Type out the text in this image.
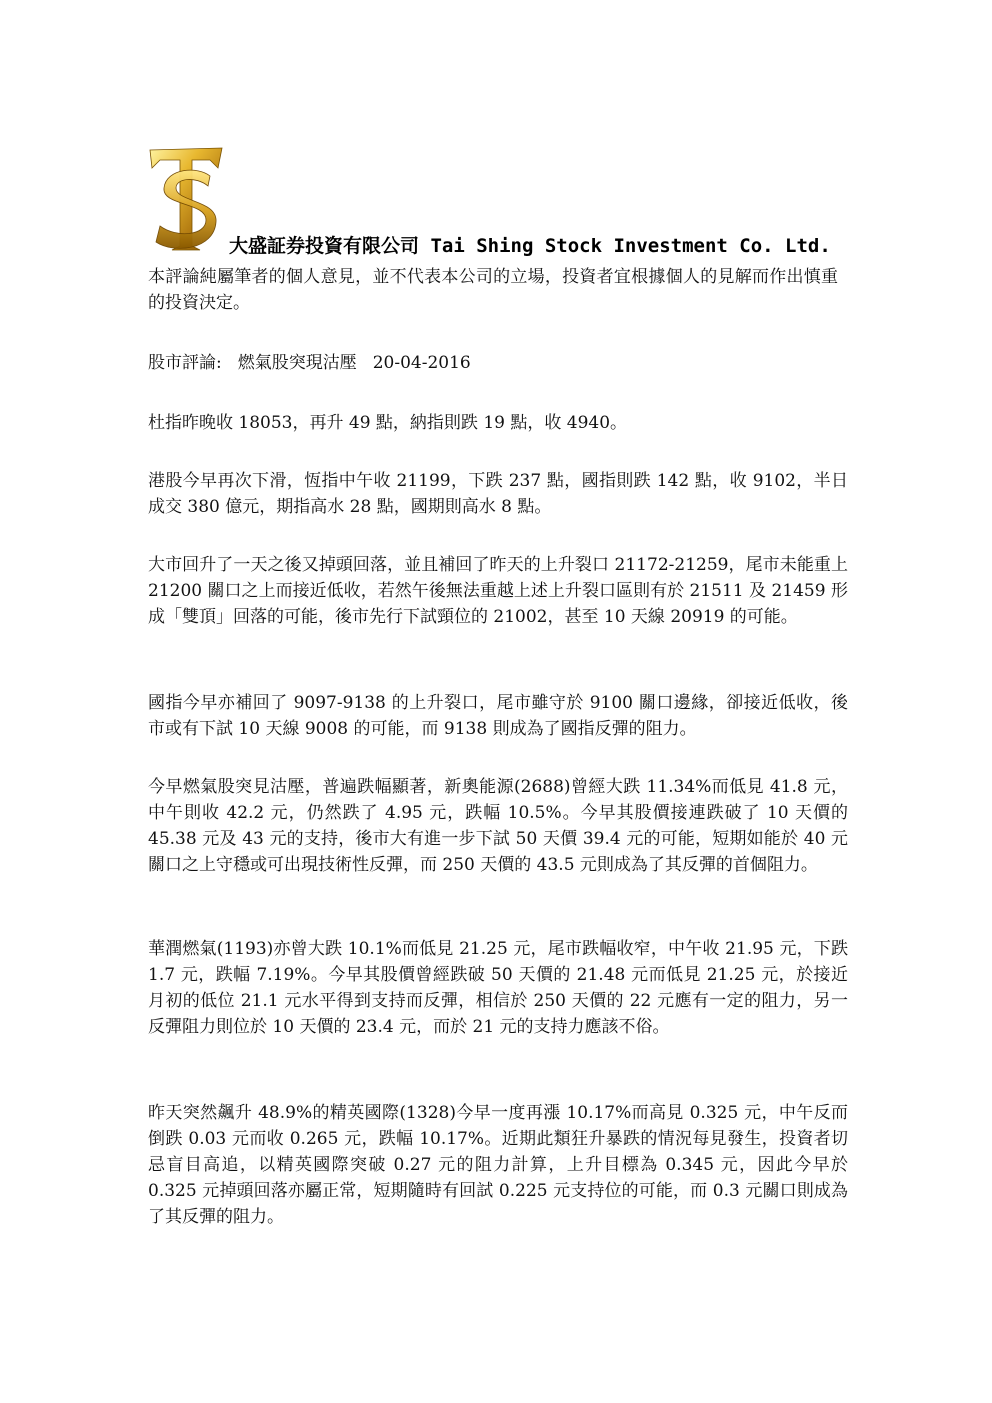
大盛証券投資有限公司 Tai Shing Stock Investment Co. Ltd.

本評論純屬筆者的個人意見，並不代表本公司的立場，投資者宜根據個人的見解而作出慎重的投資決定。

股市評論: 燃氣股突現沽壓 20-04-2016

杜指昨晚收 18053，再升 49 點，納指則跌 19 點，收 4940。

港股今早再次下滑，恆指中午收 21199，下跌 237 點，國指則跌 142 點，收 9102，半日成交 380 億元，期指高水 28 點，國期則高水 8 點。

大市回升了一天之後又掉頭回落，並且補回了昨天的上升裂口 21172-21259，尾市未能重上 21200 關口之上而接近低收，若然午後無法重越上述上升裂口區則有於 21511 及 21459 形成「雙頂」回落的可能，後市先行下試頸位的 21002，甚至 10 天線 20919 的可能。

國指今早亦補回了 9097-9138 的上升裂口，尾市雖守於 9100 關口邊緣，卻接近低收，後市或有下試 10 天線 9008 的可能，而 9138 則成為了國指反彈的阻力。

今早燃氣股突見沽壓，普遍跌幅顯著，新奧能源(2688)曾經大跌 11.34%而低見 41.8 元，中午則收 42.2 元，仍然跌了 4.95 元，跌幅 10.5%。今早其股價接連跌破了 10 天價的 45.38 元及 43 元的支持，後市大有進一步下試 50 天價 39.4 元的可能，短期如能於 40 元關口之上守穩或可出現技術性反彈，而 250 天價的 43.5 元則成為了其反彈的首個阻力。

華潤燃氣(1193)亦曾大跌 10.1%而低見 21.25 元，尾市跌幅收窄，中午收 21.95 元，下跌 1.7 元，跌幅 7.19%。今早其股價曾經跌破 50 天價的 21.48 元而低見 21.25 元，於接近月初的低位 21.1 元水平得到支持而反彈，相信於 250 天價的 22 元應有一定的阻力，另一反彈阻力則位於 10 天價的 23.4 元，而於 21 元的支持力應該不俗。

昨天突然飆升 48.9%的精英國際(1328)今早一度再漲 10.17%而高見 0.325 元，中午反而倒跌 0.03 元而收 0.265 元，跌幅 10.17%。近期此類狂升暴跌的情況每見發生，投資者切忌盲目高追，以精英國際突破 0.27 元的阻力計算，上升目標為 0.345 元，因此今早於 0.325 元掉頭回落亦屬正常，短期隨時有回試 0.225 元支持位的可能，而 0.3 元關口則成為了其反彈的阻力。
